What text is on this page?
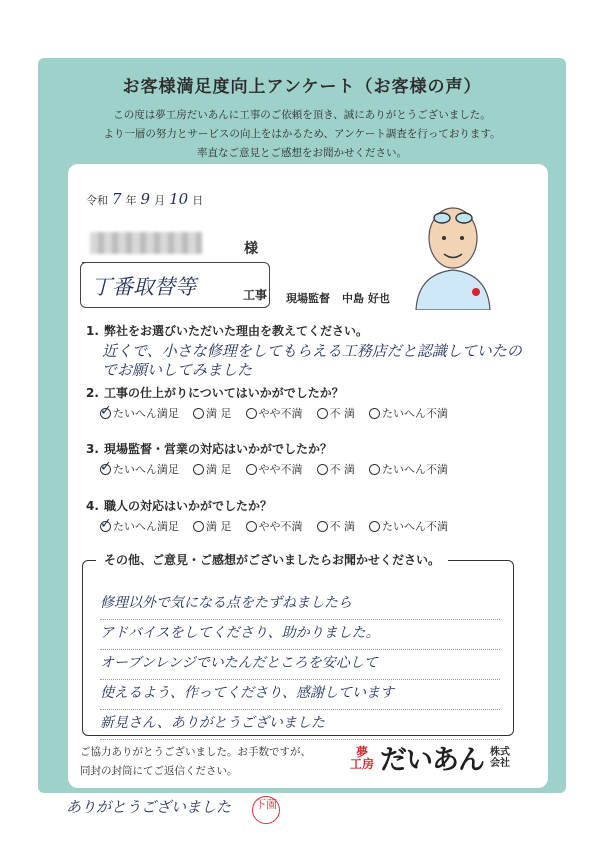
お客様満足度向上アンケート（お客様の声）
この度は夢工房だいあんに工事のご依頼を頂き、誠にありがとうございました。
より一層の努力とサービスの向上をはかるため、アンケート調査を行っております。
率直なご意見とご感想をお聞かせください。
令和 7 年 9 月 10 日
様
丁番取替等	工事 現場監督 中島 好也
1. 弊社をお選びいただいた理由を教えてください。
近くで、小さな修理をしてもらえる工務店だと認識していたのでお願いしてみました
2. 工事の仕上がりについてはいかがでしたか？
✓ たいへん満足 満 足 やや不満 不 満 たいへん不満
3. 現場監督・営業の対応はいかがでしたか？
✓ たいへん満足 満 足 やや不満 不 満 たいへん不満
4. 職人の対応はいかがでしたか？
✓ たいへん満足 満 足 やや不満 不 満 たいへん不満
その他、ご意見・ご感想がございましたらお聞かせください。
修理以外で気になる点をたずねましたら
アドバイスをしてくださり、助かりました。
オーブンレンジでいたんだところを安心して
使えるよう、作ってくださり、感謝しています
新見さん、ありがとうございました
ご協力ありがとうございました。お手数ですが、
同封の封筒にてご返信ください。
夢
工房 だいあん 株式
会社
ありがとうございました 下薗
